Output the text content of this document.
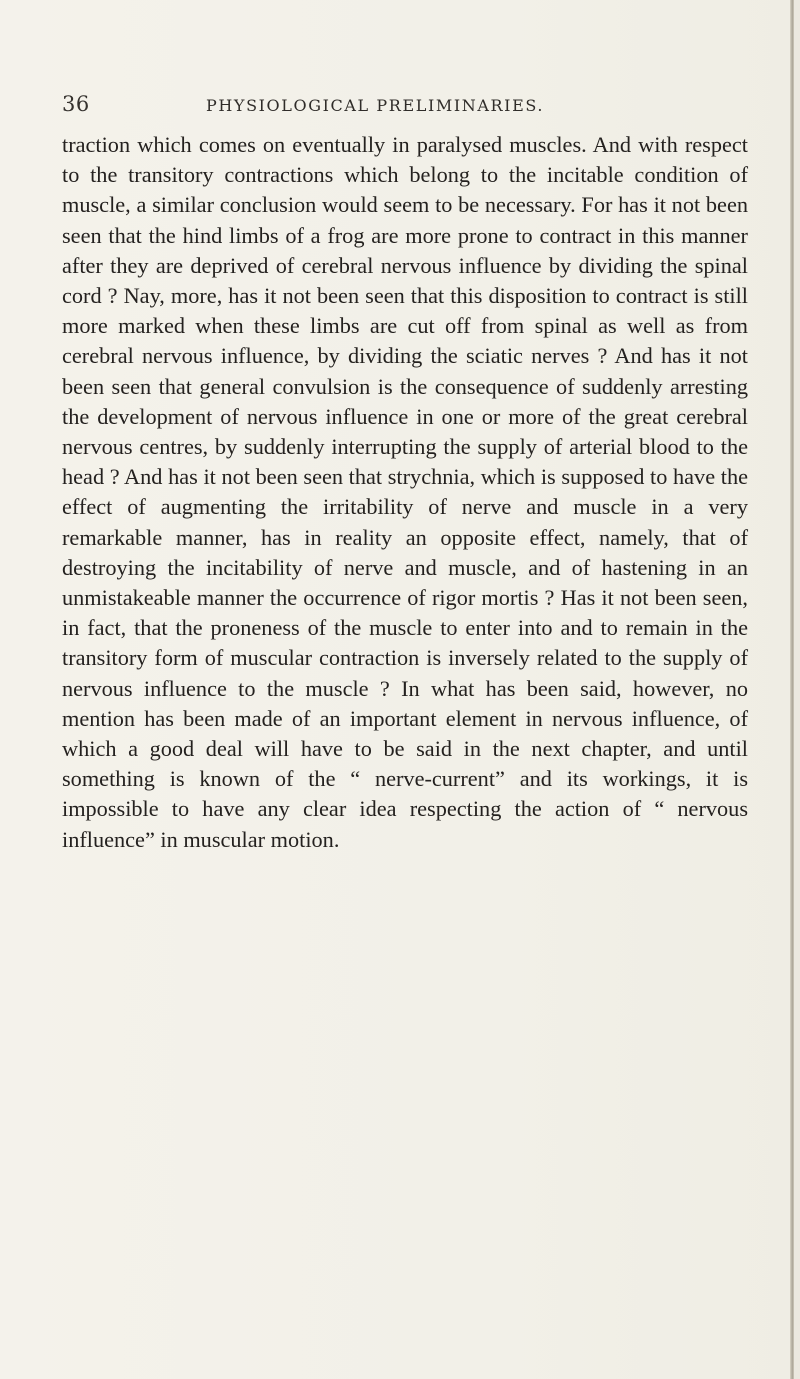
36	PHYSIOLOGICAL PRELIMINARIES.

traction which comes on eventually in paralysed muscles. And with respect to the transitory contractions which belong to the incitable condition of muscle, a similar conclusion would seem to be necessary. For has it not been seen that the hind limbs of a frog are more prone to contract in this manner after they are deprived of cerebral nervous influence by dividing the spinal cord ? Nay, more, has it not been seen that this disposition to contract is still more marked when these limbs are cut off from spinal as well as from cerebral nervous influence, by dividing the sciatic nerves ? And has it not been seen that general convulsion is the consequence of suddenly arresting the development of nervous influence in one or more of the great cerebral nervous centres, by suddenly interrupting the supply of arterial blood to the head ? And has it not been seen that strychnia, which is supposed to have the effect of augmenting the irritability of nerve and muscle in a very remarkable manner, has in reality an opposite effect, namely, that of destroying the incitability of nerve and muscle, and of hastening in an unmistakeable manner the occurrence of rigor mortis ? Has it not been seen, in fact, that the proneness of the muscle to enter into and to remain in the transitory form of muscular contraction is inversely related to the supply of nervous influence to the muscle ? In what has been said, however, no mention has been made of an important element in nervous influence, of which a good deal will have to be said in the next chapter, and until something is known of the “ nerve-current” and its workings, it is impossible to have any clear idea respecting the action of “ nervous influence” in muscular motion.
